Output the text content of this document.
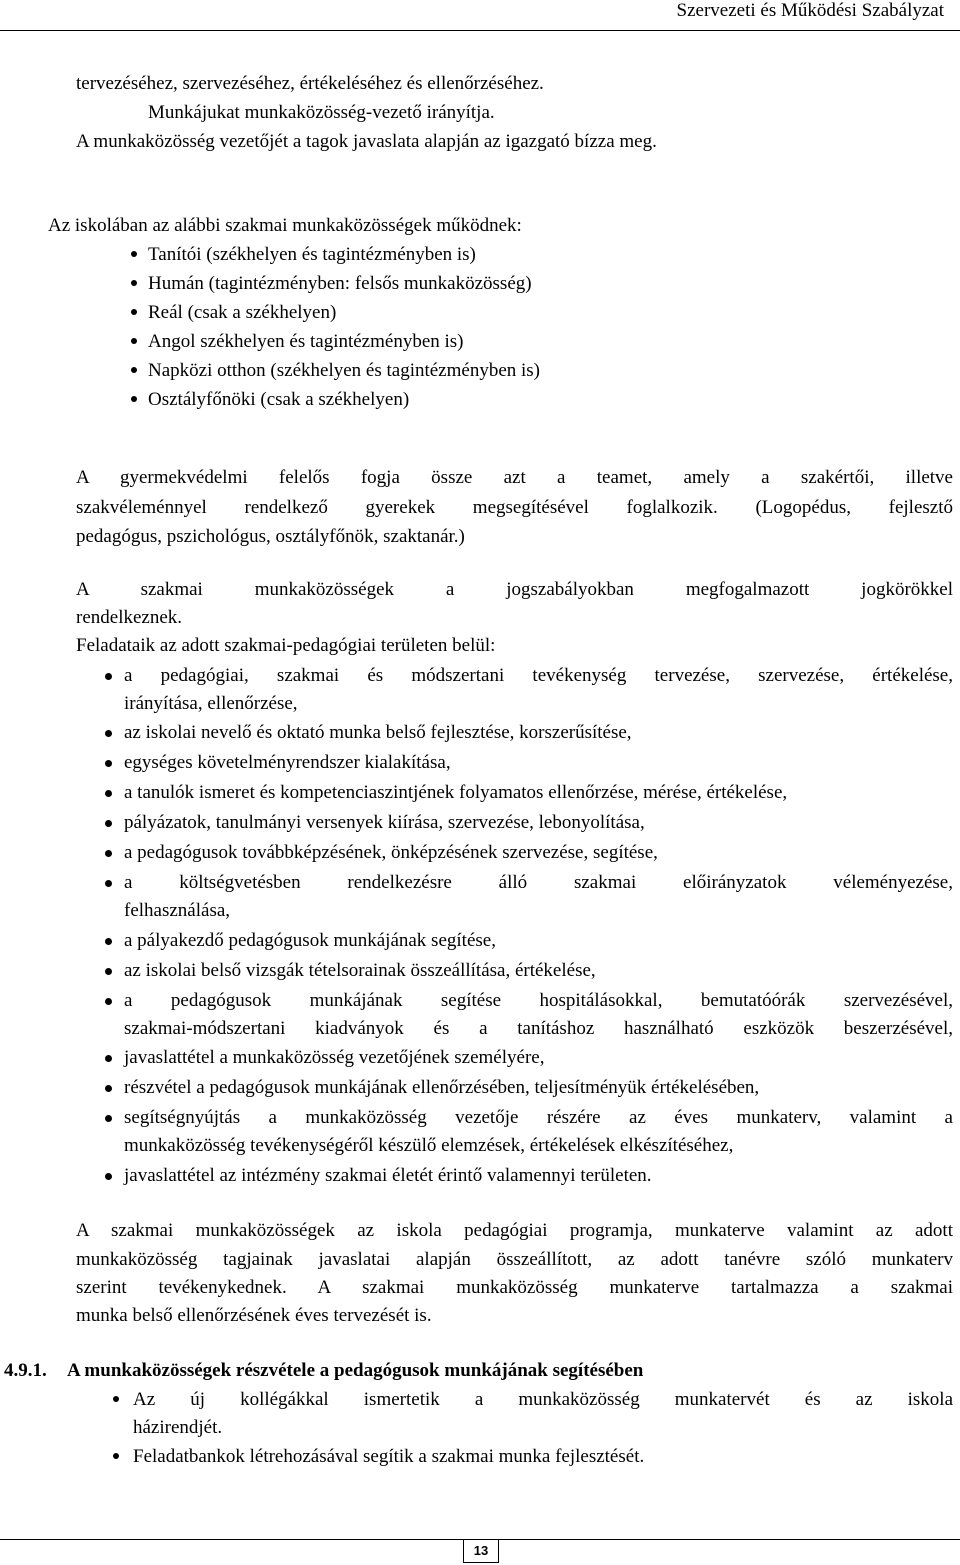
Szervezeti és Működési Szabályzat
tervezéséhez, szervezéséhez, értékeléséhez és ellenőrzéséhez.
Munkájukat munkaközösség-vezető irányítja.
A munkaközösség vezetőjét a tagok javaslata alapján az igazgató bízza meg.
Az iskolában az alábbi szakmai munkaközösségek működnek:
Tanítói (székhelyen és tagintézményben is)
Humán (tagintézményben: felsős munkaközösség)
Reál (csak a székhelyen)
Angol székhelyen és tagintézményben is)
Napközi otthon (székhelyen és tagintézményben is)
Osztályfőnöki (csak a székhelyen)
A gyermekvédelmi felelős fogja össze azt a teamet, amely a szakértői, illetve
szakvéleménnyel rendelkező gyerekek megsegítésével foglalkozik. (Logopédus, fejlesztő
pedagógus, pszichológus, osztályfőnök, szaktanár.)
A szakmai munkaközösségek a jogszabályokban megfogalmazott jogkörökkel
rendelkeznek.
Feladataik az adott szakmai-pedagógiai területen belül:
a pedagógiai, szakmai és módszertani tevékenység tervezése, szervezése, értékelése,
irányítása, ellenőrzése,
az iskolai nevelő és oktató munka belső fejlesztése, korszerűsítése,
egységes követelményrendszer kialakítása,
a tanulók ismeret és kompetenciaszintjének folyamatos ellenőrzése, mérése, értékelése,
pályázatok, tanulmányi versenyek kiírása, szervezése, lebonyolítása,
a pedagógusok továbbképzésének, önképzésének szervezése, segítése,
a költségvetésben rendelkezésre álló szakmai előirányzatok véleményezése,
felhasználása,
a pályakezdő pedagógusok munkájának segítése,
az iskolai belső vizsgák tételsorainak összeállítása, értékelése,
a pedagógusok munkájának segítése hospitálásokkal, bemutatóórák szervezésével,
szakmai-módszertani kiadványok és a tanításhoz használható eszközök beszerzésével,
javaslattétel a munkaközösség vezetőjének személyére,
részvétel a pedagógusok munkájának ellenőrzésében, teljesítményük értékelésében,
segítségnyújtás a munkaközösség vezetője részére az éves munkaterv, valamint a
munkaközösség tevékenységéről készülő elemzések, értékelések elkészítéséhez,
javaslattétel az intézmény szakmai életét érintő valamennyi területen.
A szakmai munkaközösségek az iskola pedagógiai programja, munkaterve valamint az adott
munkaközösség tagjainak javaslatai alapján összeállított, az adott tanévre szóló munkaterv
szerint tevékenykednek. A szakmai munkaközösség munkaterve tartalmazza a szakmai
munka belső ellenőrzésének éves tervezését is.
4.9.1. A munkaközösségek részvétele a pedagógusok munkájának segítésében
Az új kollégákkal ismertetik a munkaközösség munkatervét és az iskola
házirendjét.
Feladatbankok létrehozásával segítik a szakmai munka fejlesztését.
13
